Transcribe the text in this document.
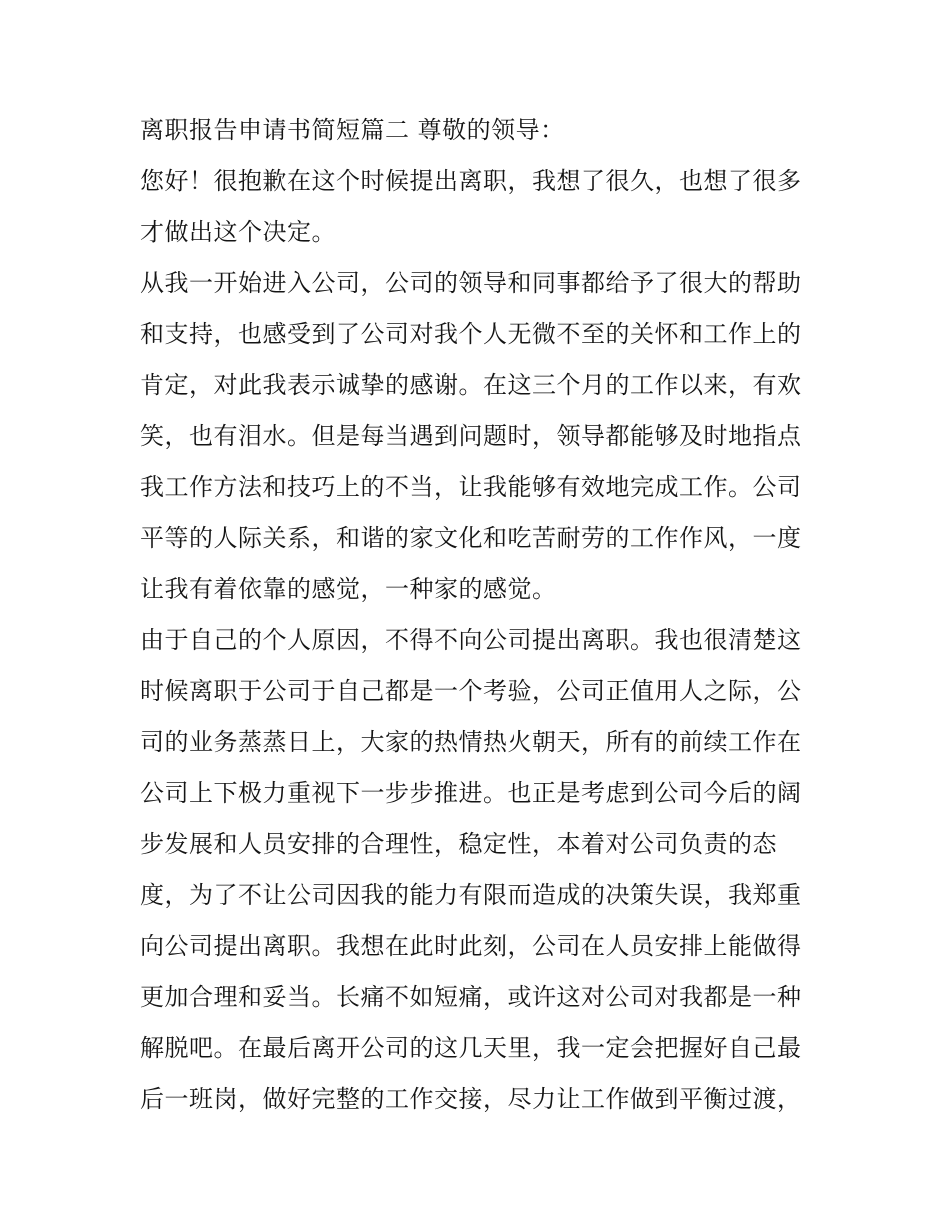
离职报告申请书简短篇二 尊敬的领导：
您好！很抱歉在这个时候提出离职，我想了很久，也想了很多
才做出这个决定。
从我一开始进入公司，公司的领导和同事都给予了很大的帮助
和支持，也感受到了公司对我个人无微不至的关怀和工作上的
肯定，对此我表示诚挚的感谢。在这三个月的工作以来，有欢
笑，也有泪水。但是每当遇到问题时，领导都能够及时地指点
我工作方法和技巧上的不当，让我能够有效地完成工作。公司
平等的人际关系，和谐的家文化和吃苦耐劳的工作作风，一度
让我有着依靠的感觉，一种家的感觉。
由于自己的个人原因，不得不向公司提出离职。我也很清楚这
时候离职于公司于自己都是一个考验，公司正值用人之际，公
司的业务蒸蒸日上，大家的热情热火朝天，所有的前续工作在
公司上下极力重视下一步步推进。也正是考虑到公司今后的阔
步发展和人员安排的合理性，稳定性，本着对公司负责的态
度，为了不让公司因我的能力有限而造成的决策失误，我郑重
向公司提出离职。我想在此时此刻，公司在人员安排上能做得
更加合理和妥当。长痛不如短痛，或许这对公司对我都是一种
解脱吧。在最后离开公司的这几天里，我一定会把握好自己最
后一班岗，做好完整的工作交接，尽力让工作做到平衡过渡，
